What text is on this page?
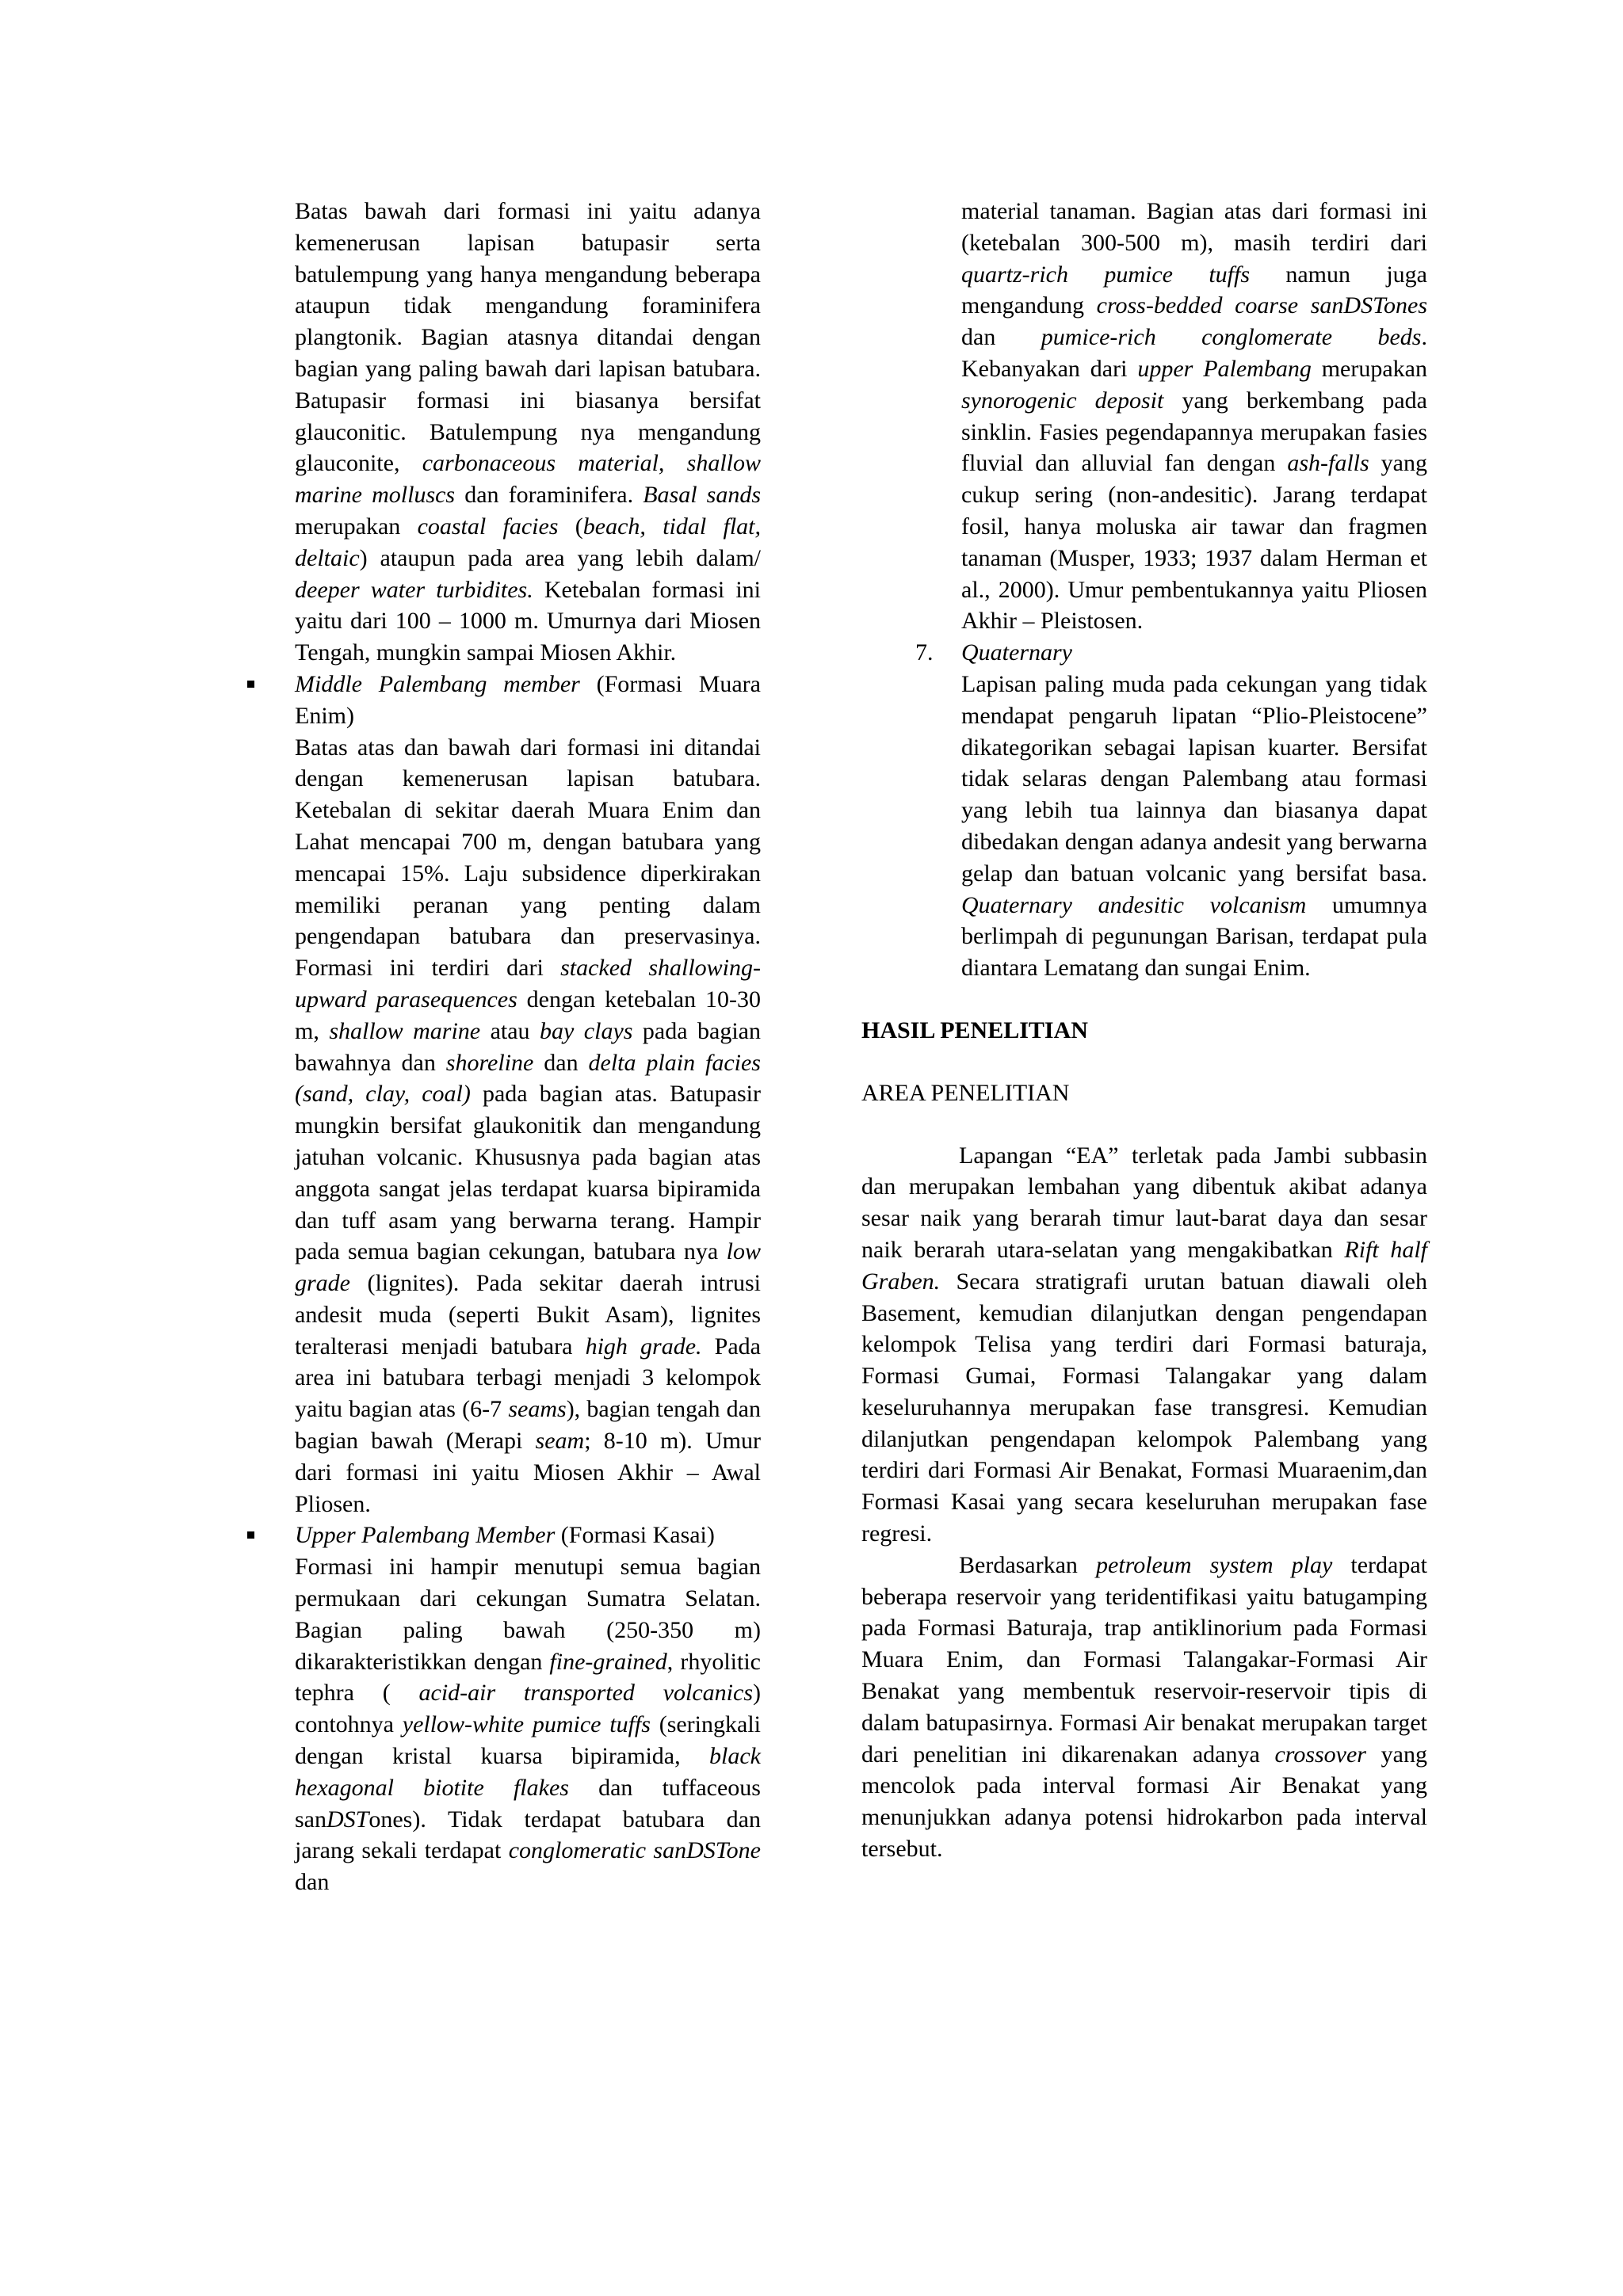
Batas bawah dari formasi ini yaitu adanya kemenerusan lapisan batupasir serta batulempung yang hanya mengandung beberapa ataupun tidak mengandung foraminifera plangtonik. Bagian atasnya ditandai dengan bagian yang paling bawah dari lapisan batubara. Batupasir formasi ini biasanya bersifat glauconitic. Batulempung nya mengandung glauconite, carbonaceous material, shallow marine molluscs dan foraminifera. Basal sands merupakan coastal facies (beach, tidal flat, deltaic) ataupun pada area yang lebih dalam/ deeper water turbidites. Ketebalan formasi ini yaitu dari 100 – 1000 m. Umurnya dari Miosen Tengah, mungkin sampai Miosen Akhir.
Middle Palembang member (Formasi Muara Enim)
Batas atas dan bawah dari formasi ini ditandai dengan kemenerusan lapisan batubara. Ketebalan di sekitar daerah Muara Enim dan Lahat mencapai 700 m, dengan batubara yang mencapai 15%. Laju subsidence diperkirakan memiliki peranan yang penting dalam pengendapan batubara dan preservasinya. Formasi ini terdiri dari stacked shallowing-upward parasequences dengan ketebalan 10-30 m, shallow marine atau bay clays pada bagian bawahnya dan shoreline dan delta plain facies (sand, clay, coal) pada bagian atas. Batupasir mungkin bersifat glaukonitik dan mengandung jatuhan volcanic. Khususnya pada bagian atas anggota sangat jelas terdapat kuarsa bipiramida dan tuff asam yang berwarna terang. Hampir pada semua bagian cekungan, batubara nya low grade (lignites). Pada sekitar daerah intrusi andesit muda (seperti Bukit Asam), lignites teralterasi menjadi batubara high grade. Pada area ini batubara terbagi menjadi 3 kelompok yaitu bagian atas (6-7 seams), bagian tengah dan bagian bawah (Merapi seam; 8-10 m). Umur dari formasi ini yaitu Miosen Akhir – Awal Pliosen.
Upper Palembang Member (Formasi Kasai)
Formasi ini hampir menutupi semua bagian permukaan dari cekungan Sumatra Selatan. Bagian paling bawah (250-350 m) dikarakteristikkan dengan fine-grained, rhyolitic tephra ( acid-air transported volcanics) contohnya yellow-white pumice tuffs (seringkali dengan kristal kuarsa bipiramida, black hexagonal biotite flakes dan tuffaceous sanDSTones). Tidak terdapat batubara dan jarang sekali terdapat conglomeratic sanDSTone dan
material tanaman. Bagian atas dari formasi ini (ketebalan 300-500 m), masih terdiri dari quartz-rich pumice tuffs namun juga mengandung cross-bedded coarse sanDSTones dan pumice-rich conglomerate beds. Kebanyakan dari upper Palembang merupakan synorogenic deposit yang berkembang pada sinklin. Fasies pegendapannya merupakan fasies fluvial dan alluvial fan dengan ash-falls yang cukup sering (non-andesitic). Jarang terdapat fosil, hanya moluska air tawar dan fragmen tanaman (Musper, 1933; 1937 dalam Herman et al., 2000). Umur pembentukannya yaitu Pliosen Akhir – Pleistosen.
7. Quaternary
Lapisan paling muda pada cekungan yang tidak mendapat pengaruh lipatan “Plio-Pleistocene” dikategorikan sebagai lapisan kuarter. Bersifat tidak selaras dengan Palembang atau formasi yang lebih tua lainnya dan biasanya dapat dibedakan dengan adanya andesit yang berwarna gelap dan batuan volcanic yang bersifat basa. Quaternary andesitic volcanism umumnya berlimpah di pegunungan Barisan, terdapat pula diantara Lematang dan sungai Enim.
HASIL PENELITIAN
AREA PENELITIAN
Lapangan “EA” terletak pada Jambi subbasin dan merupakan lembahan yang dibentuk akibat adanya sesar naik yang berarah timur laut-barat daya dan sesar naik berarah utara-selatan yang mengakibatkan Rift half Graben. Secara stratigrafi urutan batuan diawali oleh Basement, kemudian dilanjutkan dengan pengendapan kelompok Telisa yang terdiri dari Formasi baturaja, Formasi Gumai, Formasi Talangakar yang dalam keseluruhannya merupakan fase transgresi. Kemudian dilanjutkan pengendapan kelompok Palembang yang terdiri dari Formasi Air Benakat, Formasi Muaraenim,dan Formasi Kasai yang secara keseluruhan merupakan fase regresi.
Berdasarkan petroleum system play terdapat beberapa reservoir yang teridentifikasi yaitu batugamping pada Formasi Baturaja, trap antiklinorium pada Formasi Muara Enim, dan Formasi Talangakar-Formasi Air Benakat yang membentuk reservoir-reservoir tipis di dalam batupasirnya. Formasi Air benakat merupakan target dari penelitian ini dikarenakan adanya crossover yang mencolok pada interval formasi Air Benakat yang menunjukkan adanya potensi hidrokarbon pada interval tersebut.
